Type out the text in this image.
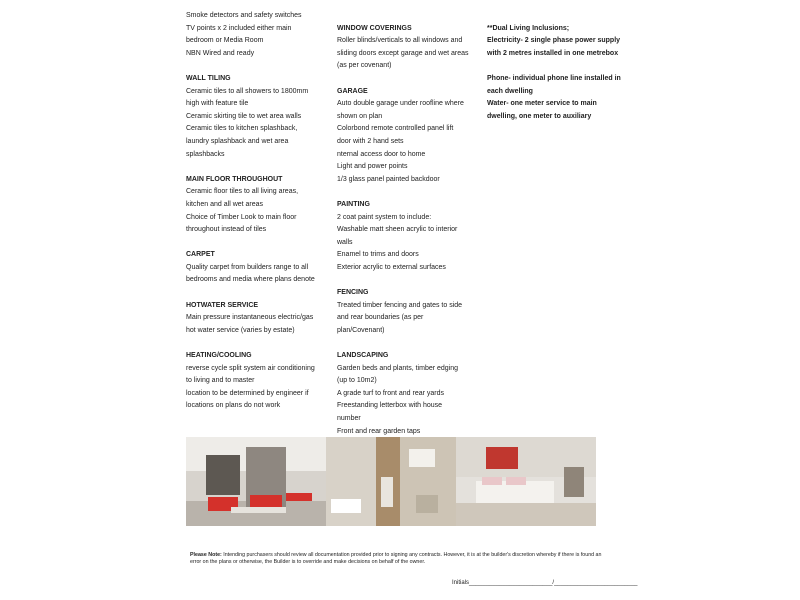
Smoke detectors and safety switches
TV points x 2 included either main
bedroom or Media Room
NBN Wired and ready
WALL TILING
Ceramic tiles to all showers to 1800mm
high with feature tile
Ceramic skirting tile to wet area walls
Ceramic tiles to kitchen splashback,
laundry splashback and wet area
splashbacks
MAIN FLOOR THROUGHOUT
Ceramic floor tiles to all living areas,
kitchen and all wet areas
Choice of Timber Look to main floor
throughout instead of tiles
CARPET
Quality carpet from builders range to all
bedrooms and media where plans denote
HOTWATER SERVICE
Main pressure instantaneous electric/gas
hot water service (varies by estate)
HEATING/COOLING
reverse cycle split system air conditioning
to living and to master
location to be determined by engineer if
locations on plans do not work
WINDOW COVERINGS
Roller blinds/verticals to all windows and
sliding doors except garage and wet areas
(as per covenant)
GARAGE
Auto double garage under roofline where
shown on plan
Colorbond remote controlled panel lift
door with 2 hand sets
nternal access door to home
Light and power points
1/3 glass panel painted backdoor
PAINTING
2 coat paint system to include:
Washable matt sheen acrylic to interior
walls
Enamel to trims and doors
Exterior acrylic to external surfaces
FENCING
Treated timber fencing and gates to side
and rear boundaries (as per
plan/Covenant)
LANDSCAPING
Garden beds and plants, timber edging
(up to 10m2)
A grade turf to front and rear yards
Freestanding letterbox with house
number
Front and rear garden taps
**Dual Living Inclusions;
Electricity- 2 single phase power supply
with 2 metres installed in one metrebox
Phone- individual phone line installed in
each dwelling
Water- one meter service to main
dwelling, one meter to auxiliary
Please Note: Intending purchasers should review all documentation provided prior to signing any contracts. However, it is at the builder's discretion whereby if there is found an error on the plans or otherwise, the Builder is to override and make decisions on behalf of the owner.
Initials_________________________/_________________________
